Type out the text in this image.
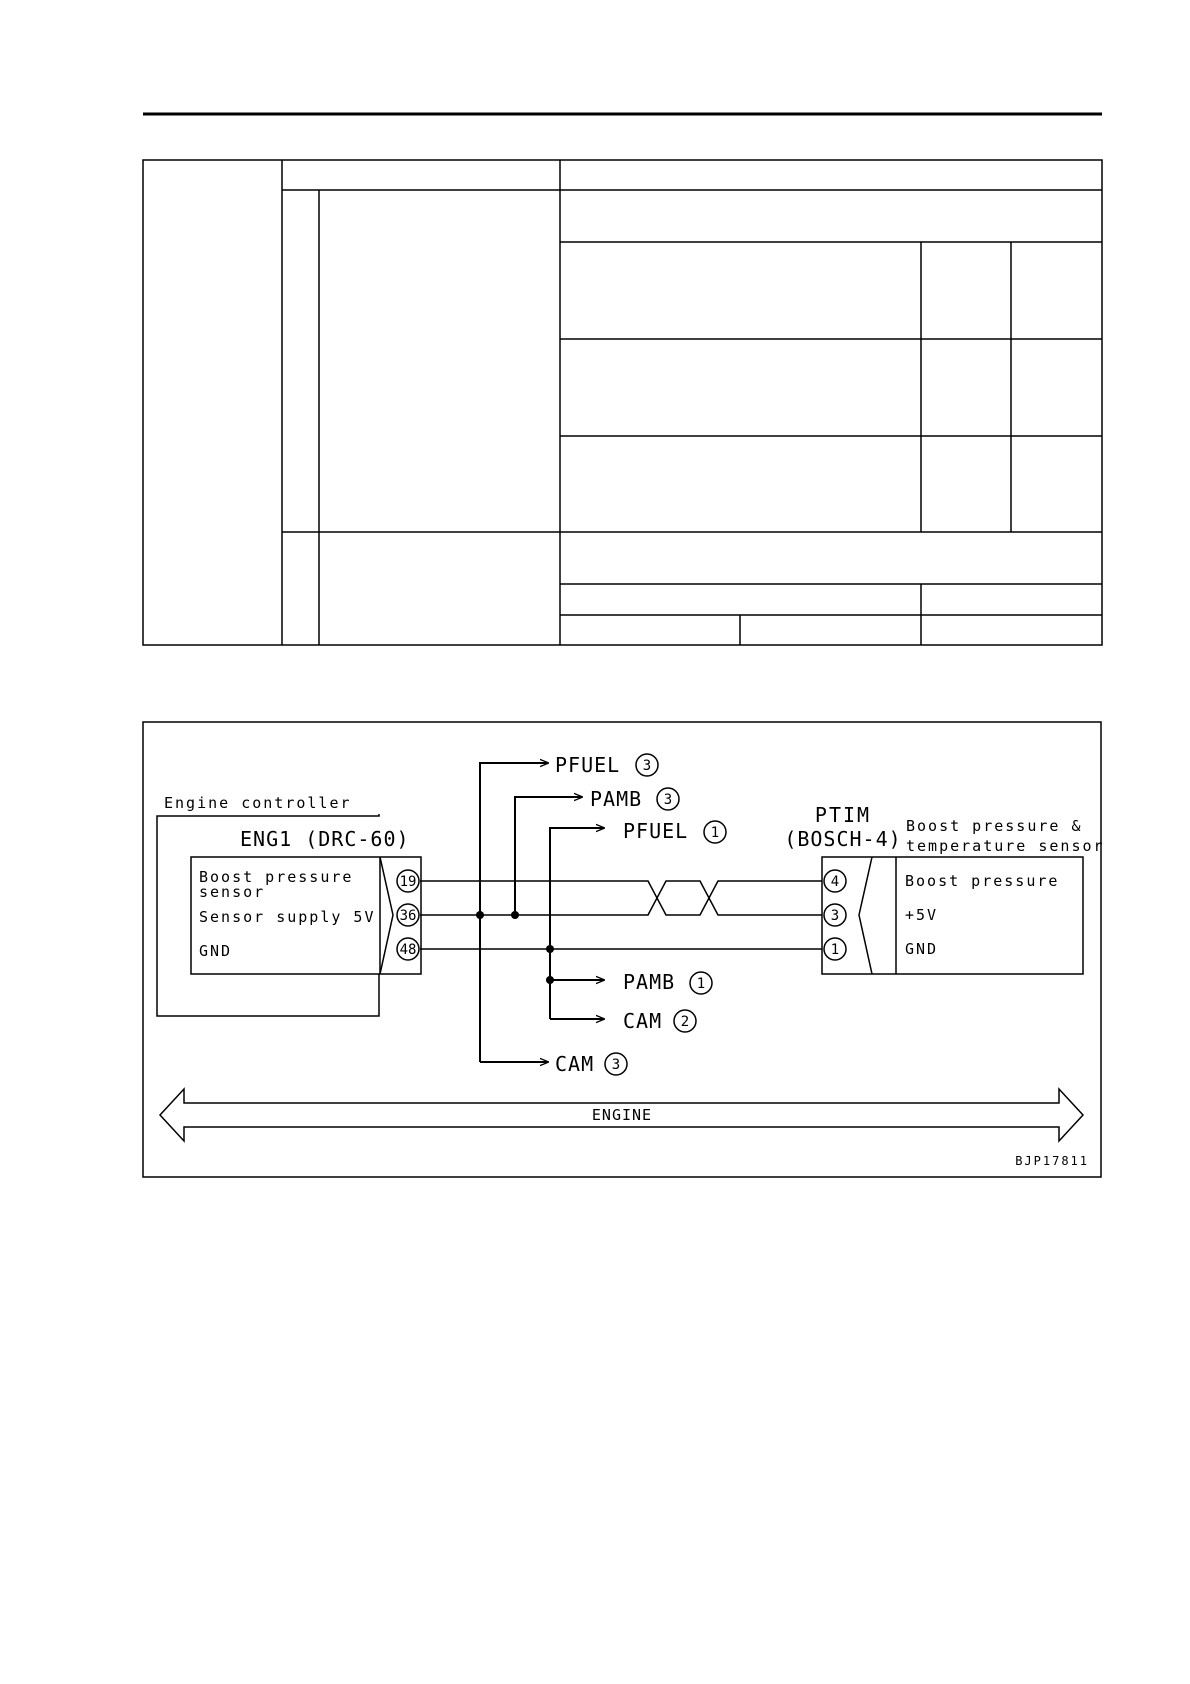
Engine controller
ENG1 (DRC-60)
Boost pressure
sensor
Sensor supply 5V
GND
19
36
48
PTIM
(BOSCH-4)
Boost pressure &
temperature sensor
4
3
1
Boost pressure
+5V
GND
PFUEL 3
PAMB 3
PFUEL 1
PAMB 1
CAM 2
CAM 3
ENGINE
BJP17811
